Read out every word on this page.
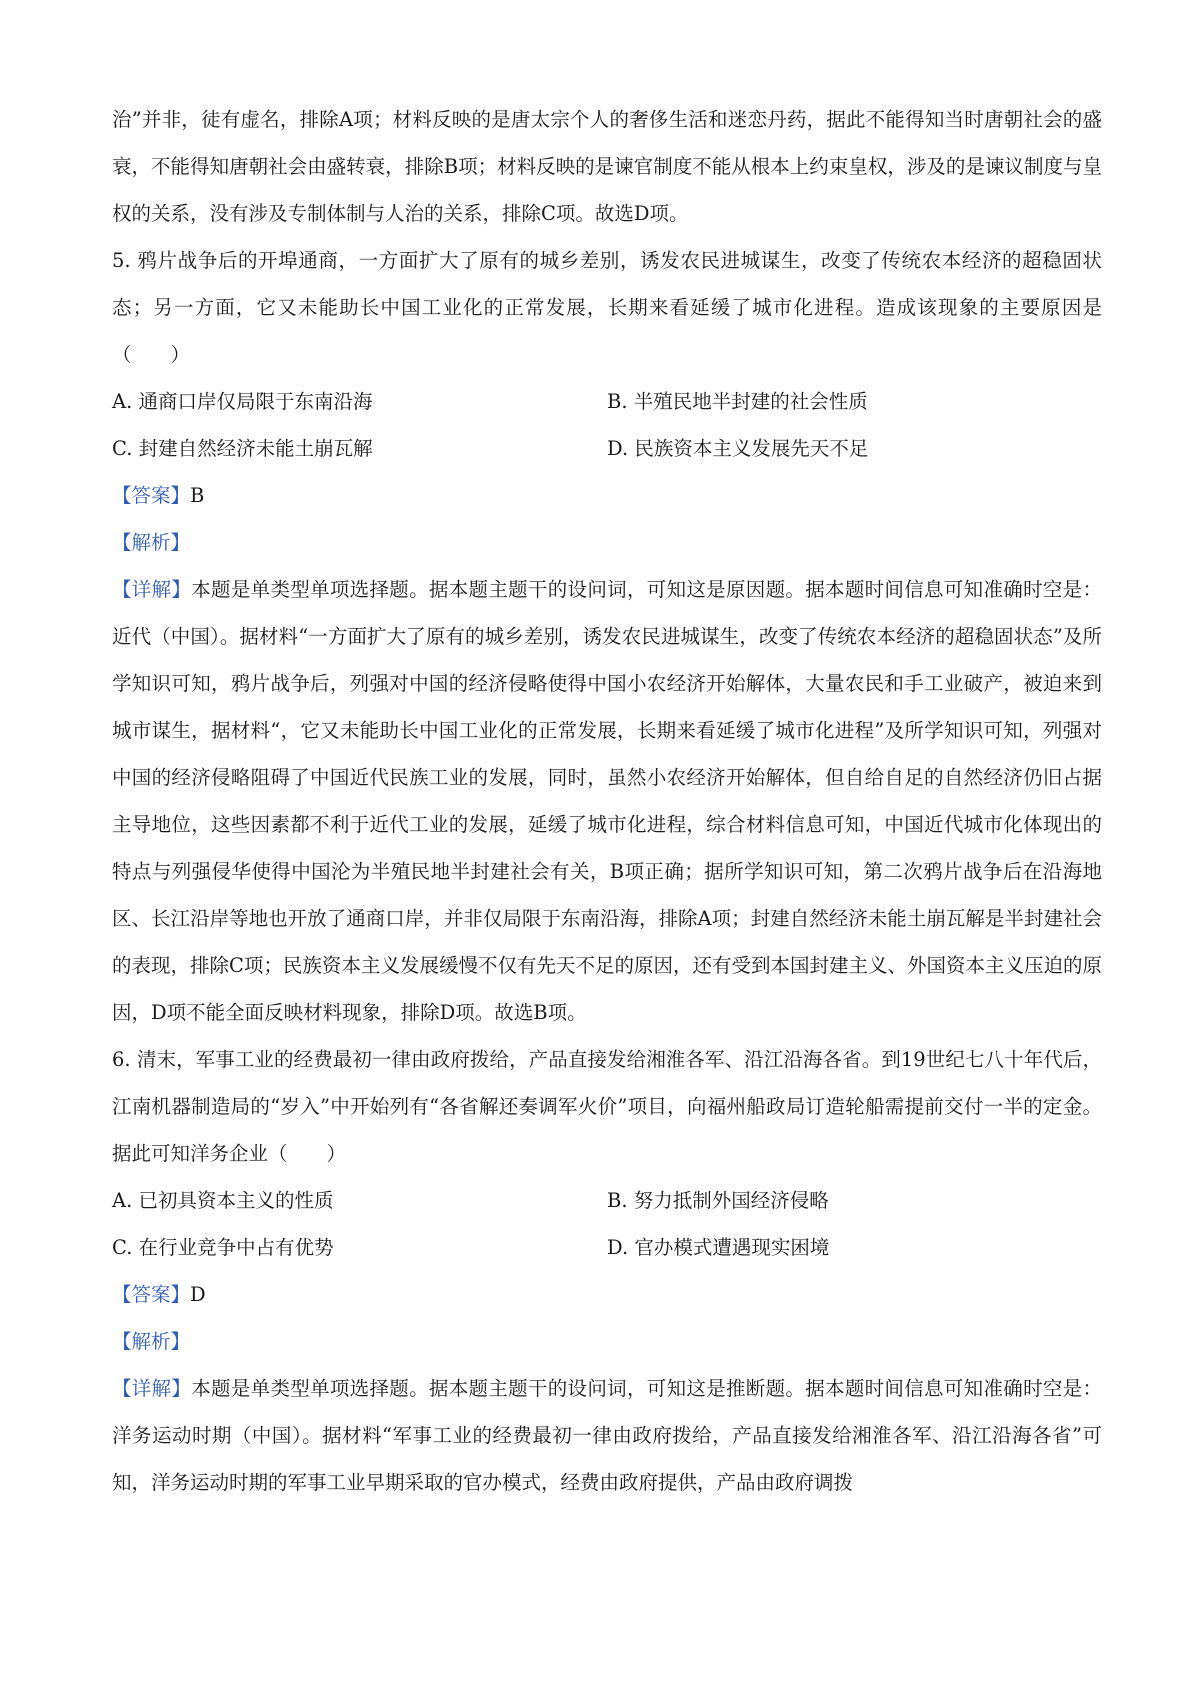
治”并非，徒有虚名，排除A项；材料反映的是唐太宗个人的奢侈生活和迷恋丹药，据此不能得知当时唐朝社会的盛衰，不能得知唐朝社会由盛转衰，排除B项；材料反映的是谏官制度不能从根本上约束皇权，涉及的是谏议制度与皇权的关系，没有涉及专制体制与人治的关系，排除C项。故选D项。

5. 鸦片战争后的开埠通商，一方面扩大了原有的城乡差别，诱发农民进城谋生，改变了传统农本经济的超稳固状态；另一方面，它又未能助长中国工业化的正常发展，长期来看延缓了城市化进程。造成该现象的主要原因是（　　）

A. 通商口岸仅局限于东南沿海	B. 半殖民地半封建的社会性质
C. 封建自然经济未能土崩瓦解	D. 民族资本主义发展先天不足

【答案】B

【解析】

【详解】本题是单类型单项选择题。据本题主题干的设问词，可知这是原因题。据本题时间信息可知准确时空是：近代（中国）。据材料“一方面扩大了原有的城乡差别，诱发农民进城谋生，改变了传统农本经济的超稳固状态”及所学知识可知，鸦片战争后，列强对中国的经济侵略使得中国小农经济开始解体，大量农民和手工业破产，被迫来到城市谋生，据材料“，它又未能助长中国工业化的正常发展，长期来看延缓了城市化进程”及所学知识可知，列强对中国的经济侵略阻碍了中国近代民族工业的发展，同时，虽然小农经济开始解体，但自给自足的自然经济仍旧占据主导地位，这些因素都不利于近代工业的发展，延缓了城市化进程，综合材料信息可知，中国近代城市化体现出的特点与列强侵华使得中国沦为半殖民地半封建社会有关，B项正确；据所学知识可知，第二次鸦片战争后在沿海地区、长江沿岸等地也开放了通商口岸，并非仅局限于东南沿海，排除A项；封建自然经济未能土崩瓦解是半封建社会的表现，排除C项；民族资本主义发展缓慢不仅有先天不足的原因，还有受到本国封建主义、外国资本主义压迫的原因，D项不能全面反映材料现象，排除D项。故选B项。

6. 清末，军事工业的经费最初一律由政府拨给，产品直接发给湘淮各军、沿江沿海各省。到19世纪七八十年代后，江南机器制造局的“岁入”中开始列有“各省解还奏调军火价”项目，向福州船政局订造轮船需提前交付一半的定金。据此可知洋务企业（　　）

A. 已初具资本主义的性质	B. 努力抵制外国经济侵略
C. 在行业竞争中占有优势	D. 官办模式遭遇现实困境

【答案】D

【解析】

【详解】本题是单类型单项选择题。据本题主题干的设问词，可知这是推断题。据本题时间信息可知准确时空是：洋务运动时期（中国）。据材料“军事工业的经费最初一律由政府拨给，产品直接发给湘淮各军、沿江沿海各省”可知，洋务运动时期的军事工业早期采取的官办模式，经费由政府提供，产品由政府调拨
